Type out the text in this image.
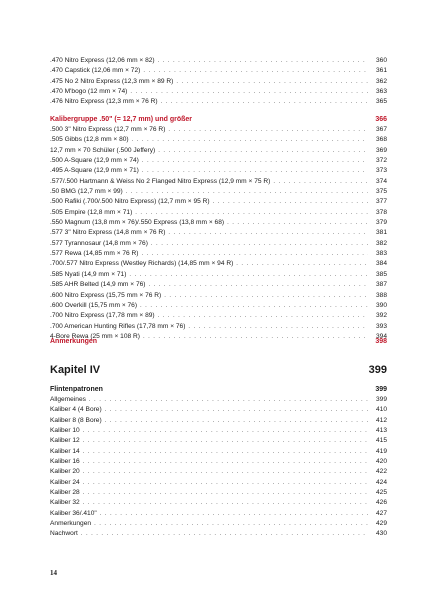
.470 Nitro Express (12,06 mm × 82) . . .	360
.470 Capstick (12,06 mm × 72) . . .	361
.475 No 2 Nitro Express (12,3 mm × 89 R) . . .	362
.470 M'bogo (12 mm × 74) . . .	363
.476 Nitro Express (12,3 mm × 76 R) . . .	365
Kalibergruppe .50" (= 12,7 mm) und größer	366
.500 3" Nitro Express (12,7 mm × 76 R) . . .	367
.505 Gibbs (12,8 mm × 80) . . .	368
12,7 mm × 70 Schüler (.500 Jeffery) . . .	369
.500 A-Square (12,9 mm × 74) . . .	372
.495 A-Square (12,9 mm × 71) . . .	373
.577/.500 Hartmann & Weiss No 2 Flanged Nitro Express (12,9 mm × 75 R) . . .	374
.50 BMG (12,7 mm × 99) . . .	375
.500 Rafiki (.700/.500 Nitro Express) (12,7 mm × 95 R) . . .	377
.505 Empire (12,8 mm × 71) . . .	378
.550 Magnum (13,8 mm × 76)/.550 Express (13,8 mm × 68) . . .	379
.577 3" Nitro Express (14,8 mm × 76 R) . . .	381
.577 Tyrannosaur (14,8 mm × 76) . . .	382
.577 Rewa (14,85 mm × 76 R) . . .	383
.700/.577 Nitro Express (Westley Richards) (14,85 mm × 94 R) . . .	384
.585 Nyati (14,9 mm × 71) . . .	385
.585 AHR Belted (14,9 mm × 76) . . .	387
.600 Nitro Express (15,75 mm × 76 R) . . .	388
.600 Overkill (15,75 mm × 76) . . .	390
.700 Nitro Express (17,78 mm × 89) . . .	392
.700 American Hunting Rifles (17,78 mm × 76) . . .	393
4-Bore Rewa (25 mm × 108 R) . . .	394
Anmerkungen	398
Kapitel IV	399
Flintenpatronen	399
Allgemeines . . .	399
Kaliber 4 (4 Bore) . . .	410
Kaliber 8 (8 Bore) . . .	412
Kaliber 10 . . .	413
Kaliber 12 . . .	415
Kaliber 14 . . .	419
Kaliber 16 . . .	420
Kaliber 20 . . .	422
Kaliber 24 . . .	424
Kaliber 28 . . .	425
Kaliber 32 . . .	426
Kaliber 36/.410" . . .	427
Anmerkungen . . .	429
Nachwort . . .	430
14
